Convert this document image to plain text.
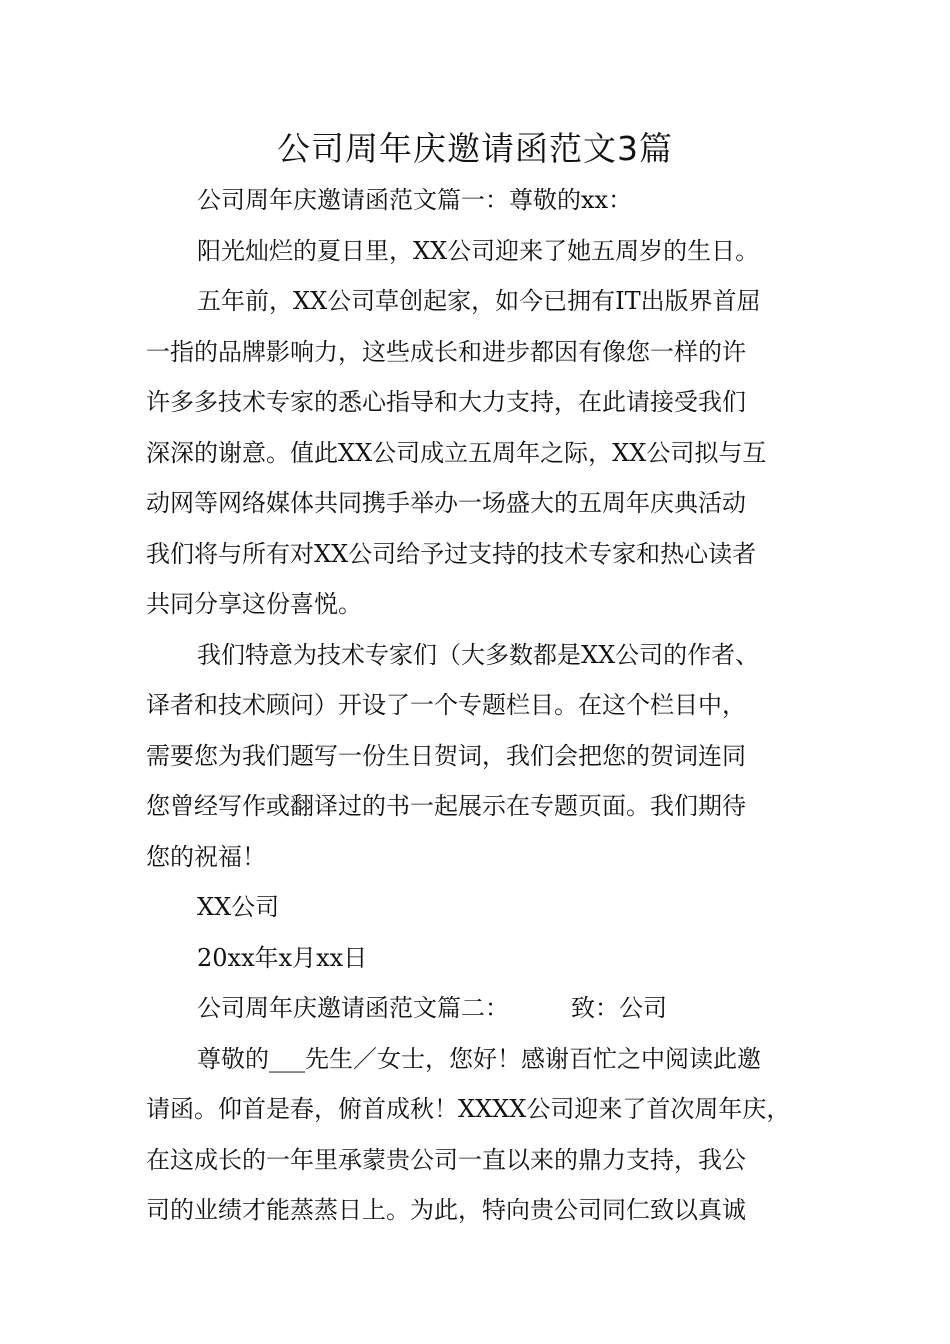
公司周年庆邀请函范文3篇
公司周年庆邀请函范文篇一：尊敬的xx：
阳光灿烂的夏日里，XX公司迎来了她五周岁的生日。
五年前，XX公司草创起家，如今已拥有IT出版界首屈
一指的品牌影响力，这些成长和进步都因有像您一样的许
许多多技术专家的悉心指导和大力支持，在此请接受我们
深深的谢意。值此XX公司成立五周年之际，XX公司拟与互
动网等网络媒体共同携手举办一场盛大的五周年庆典活动
我们将与所有对XX公司给予过支持的技术专家和热心读者
共同分享这份喜悦。
我们特意为技术专家们（大多数都是XX公司的作者、
译者和技术顾问）开设了一个专题栏目。在这个栏目中，
需要您为我们题写一份生日贺词，我们会把您的贺词连同
您曾经写作或翻译过的书一起展示在专题页面。我们期待
您的祝福！
XX公司
20xx年x月xx日
公司周年庆邀请函范文篇二：	致：公司
尊敬的___先生／女士，您好！感谢百忙之中阅读此邀
请函。仰首是春，俯首成秋！XXXX公司迎来了首次周年庆，
在这成长的一年里承蒙贵公司一直以来的鼎力支持，我公
司的业绩才能蒸蒸日上。为此，特向贵公司同仁致以真诚
